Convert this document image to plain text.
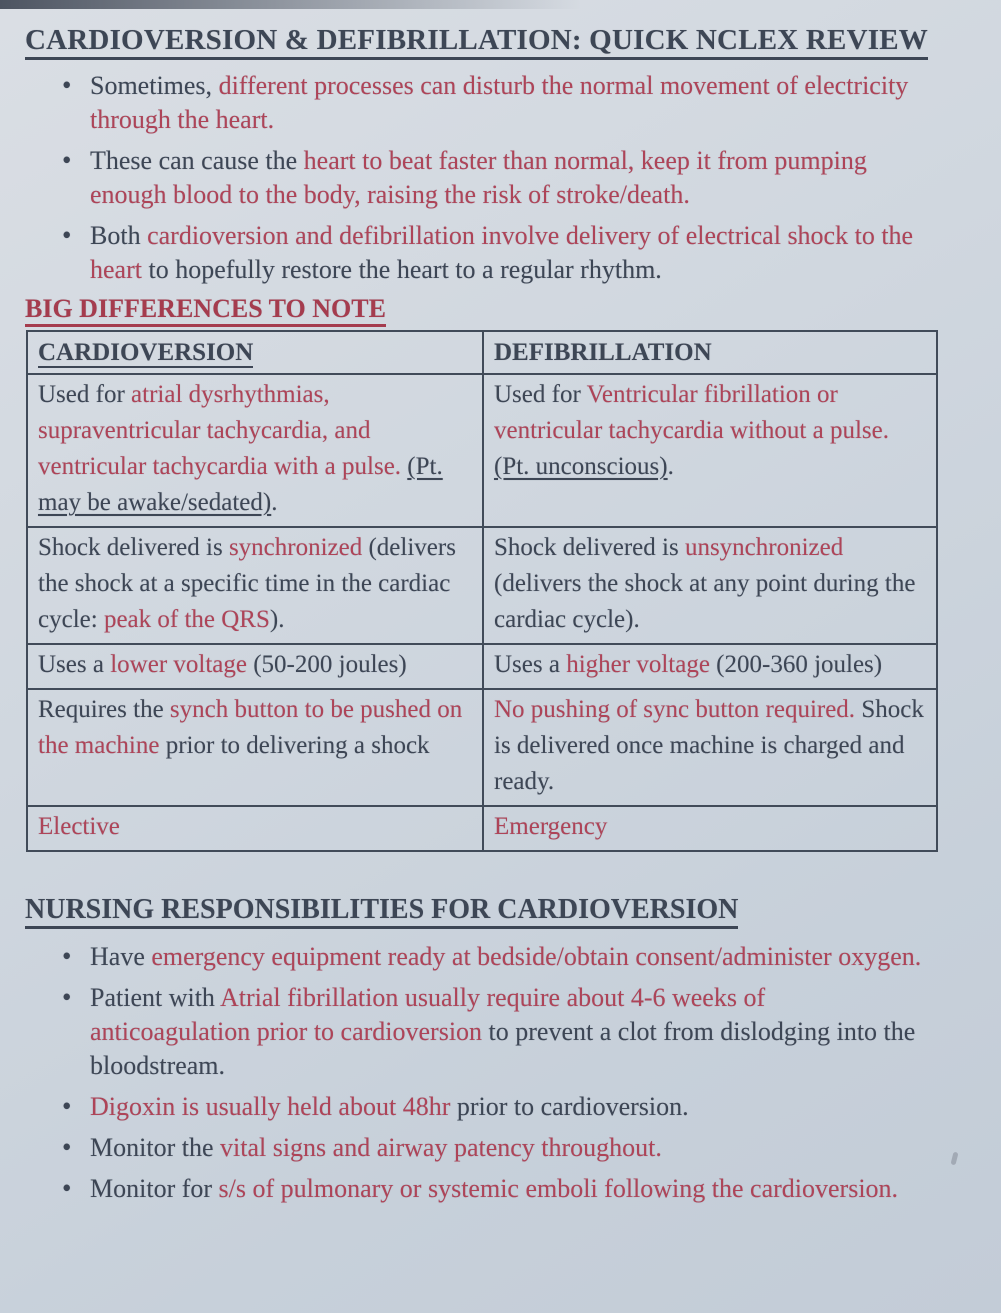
CARDIOVERSION & DEFIBRILLATION: QUICK NCLEX REVIEW
• Sometimes, different processes can disturb the normal movement of electricity through the heart.
• These can cause the heart to beat faster than normal, keep it from pumping enough blood to the body, raising the risk of stroke/death.
• Both cardioversion and defibrillation involve delivery of electrical shock to the heart to hopefully restore the heart to a regular rhythm.
BIG DIFFERENCES TO NOTE
CARDIOVERSION	DEFIBRILLATION
Used for atrial dysrhythmias, supraventricular tachycardia, and ventricular tachycardia with a pulse. (Pt. may be awake/sedated).	Used for Ventricular fibrillation or ventricular tachycardia without a pulse. (Pt. unconscious).
Shock delivered is synchronized (delivers the shock at a specific time in the cardiac cycle: peak of the QRS).	Shock delivered is unsynchronized (delivers the shock at any point during the cardiac cycle).
Uses a lower voltage (50-200 joules)	Uses a higher voltage (200-360 joules)
Requires the synch button to be pushed on the machine prior to delivering a shock	No pushing of sync button required. Shock is delivered once machine is charged and ready.
Elective	Emergency
NURSING RESPONSIBILITIES FOR CARDIOVERSION
• Have emergency equipment ready at bedside/obtain consent/administer oxygen.
• Patient with Atrial fibrillation usually require about 4-6 weeks of anticoagulation prior to cardioversion to prevent a clot from dislodging into the bloodstream.
• Digoxin is usually held about 48hr prior to cardioversion.
• Monitor the vital signs and airway patency throughout.
• Monitor for s/s of pulmonary or systemic emboli following the cardioversion.
